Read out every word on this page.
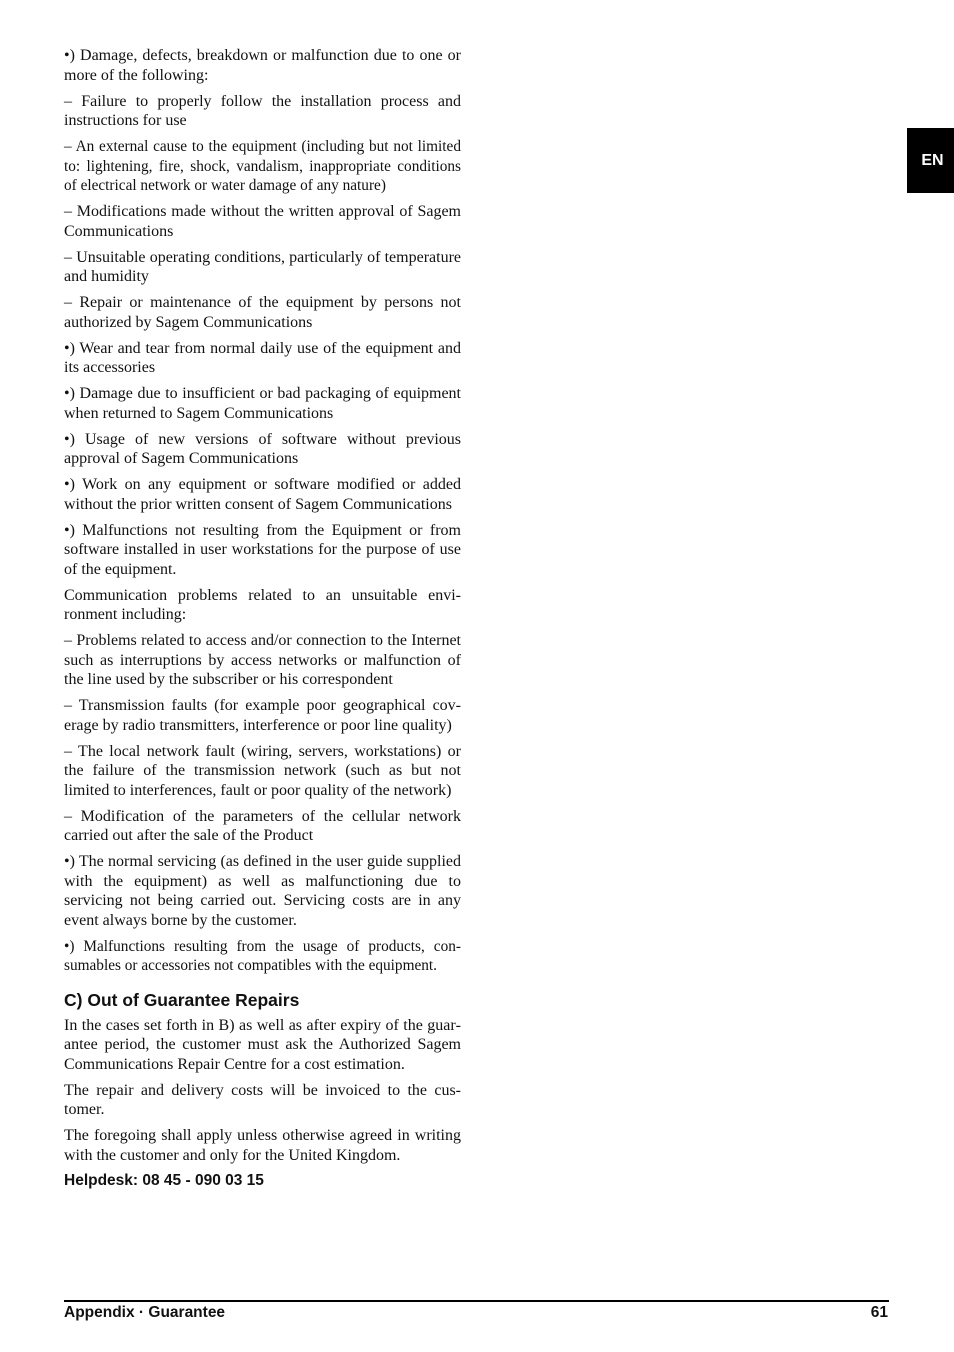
EN

•) Damage, defects, breakdown or malfunction due to one or more of the following:

– Failure to properly follow the installation process and instructions for use

– An external cause to the equipment (including but not limited to: lightening, fire, shock, vandalism, inappropriate conditions of electrical network or water damage of any nature)

– Modifications made without the written approval of Sagem Communications

– Unsuitable operating conditions, particularly of temperature and humidity

– Repair or maintenance of the equipment by persons not authorized by Sagem Communications

•) Wear and tear from normal daily use of the equipment and its accessories

•) Damage due to insufficient or bad packaging of equipment when returned to Sagem Communications

•) Usage of new versions of software without previous approval of Sagem Communications

•) Work on any equipment or software modified or added without the prior written consent of Sagem Communications

•) Malfunctions not resulting from the Equipment or from software installed in user workstations for the purpose of use of the equipment.

Communication problems related to an unsuitable environment including:

– Problems related to access and/or connection to the Internet such as interruptions by access networks or malfunction of the line used by the subscriber or his correspondent

– Transmission faults (for example poor geographical coverage by radio transmitters, interference or poor line quality)

– The local network fault (wiring, servers, workstations) or the failure of the transmission network (such as but not limited to interferences, fault or poor quality of the network)

– Modification of the parameters of the cellular network carried out after the sale of the Product

•) The normal servicing (as defined in the user guide supplied with the equipment) as well as malfunctioning due to servicing not being carried out. Servicing costs are in any event always borne by the customer.

•) Malfunctions resulting from the usage of products, consumables or accessories not compatibles with the equipment.

C) Out of Guarantee Repairs

In the cases set forth in B) as well as after expiry of the guarantee period, the customer must ask the Authorized Sagem Communications Repair Centre for a cost estimation.

The repair and delivery costs will be invoiced to the customer.

The foregoing shall apply unless otherwise agreed in writing with the customer and only for the United Kingdom.

Helpdesk: 08 45 - 090 03 15
Appendix · Guarantee	61
